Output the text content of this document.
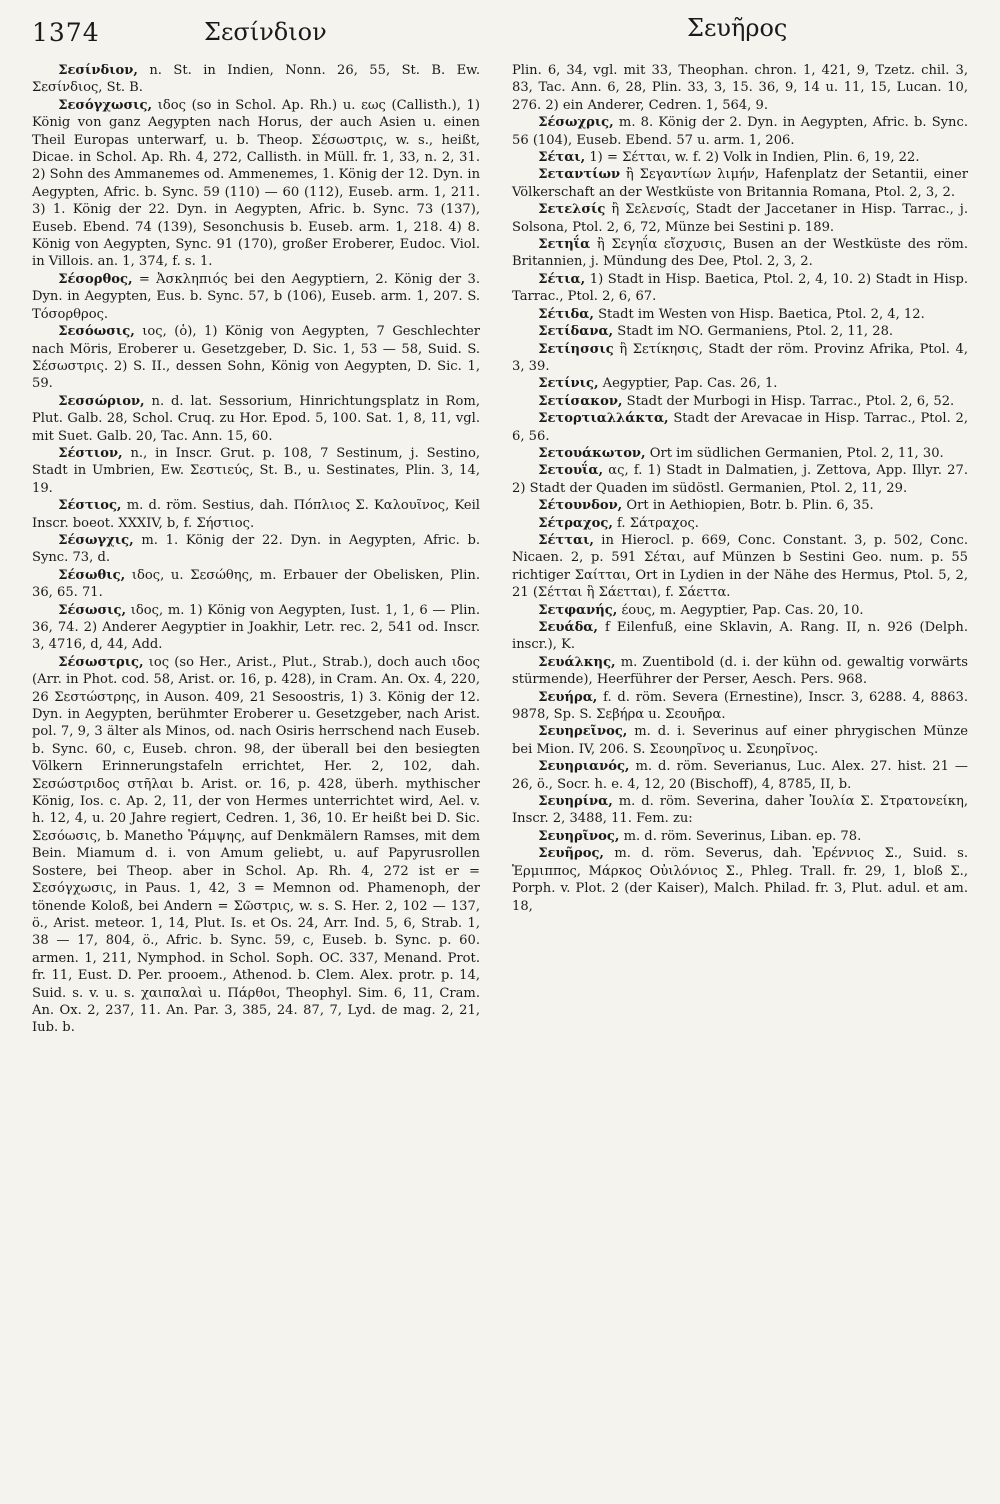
1374	Σεσίνδιον	Σευῆρος

Σεσίνδιον, n. St. in Indien, Nonn. 26, 55, St. B. Ew. Σεσίνδιος, St. B.

Σεσόγχωσις, ιδος (so in Schol. Ap. Rh.) u. εως (Callisth.), 1) König von ganz Aegypten nach Horus, der auch Asien u. einen Theil Europas unterwarf, u. b. Theop. Σέσωστρις, w. s., heißt, Dicae. in Schol. Ap. Rh. 4, 272, Callisth. in Müll. fr. 1, 33, n. 2, 31. 2) Sohn des Ammanemes od. Ammenemes, 1. König der 12. Dyn. in Aegypten, Afric. b. Sync. 59 (110) — 60 (112), Euseb. arm. 1, 211. 3) 1. König der 22. Dyn. in Aegypten, Afric. b. Sync. 73 (137), Euseb. Ebend. 74 (139), Sesonchusis b. Euseb. arm. 1, 218. 4) 8. König von Aegypten, Sync. 91 (170), großer Eroberer, Eudoc. Viol. in Villois. an. 1, 374, f. s. 1.

Σέσορθος, = Ἀσκληπιός bei den Aegyptiern, 2. König der 3. Dyn. in Aegypten, Eus. b. Sync. 57, b (106), Euseb. arm. 1, 207. S. Τόσορθρος.

Σεσόωσις, ιος, (ὁ), 1) König von Aegypten, 7 Geschlechter nach Möris, Eroberer u. Gesetzgeber, D. Sic. 1, 53 — 58, Suid. S. Σέσωστρις. 2) S. II., dessen Sohn, König von Aegypten, D. Sic. 1, 59.

Σεσσώριον, n. d. lat. Sessorium, Hinrichtungsplatz in Rom, Plut. Galb. 28, Schol. Cruq. zu Hor. Epod. 5, 100. Sat. 1, 8, 11, vgl. mit Suet. Galb. 20, Tac. Ann. 15, 60.

Σέστιον, n., in Inscr. Grut. p. 108, 7 Sestinum, j. Sestino, Stadt in Umbrien, Ew. Σεστιεύς, St. B., u. Sestinates, Plin. 3, 14, 19.

Σέστιος, m. d. röm. Sestius, dah. Πόπλιος Σ. Καλουῖνος, Keil Inscr. boeot. XXXIV, b, f. Σήστιος.

Σέσωγχις, m. 1. König der 22. Dyn. in Aegypten, Afric. b. Sync. 73, d.

Σέσωθις, ιδος, u. Σεσώθης, m. Erbauer der Obelisken, Plin. 36, 65. 71.

Σέσωσις, ιδος, m. 1) König von Aegypten, Iust. 1, 1, 6 — Plin. 36, 74. 2) Anderer Aegyptier in Joakhir, Letr. rec. 2, 541 od. Inscr. 3, 4716, d, 44, Add.

Σέσωστρις, ιος (so Her., Arist., Plut., Strab.), doch auch ιδος (Arr. in Phot. cod. 58, Arist. or. 16, p. 428), in Cram. An. Ox. 4, 220, 26 Σεστώστρης, in Auson. 409, 21 Sesoostris, 1) 3. König der 12. Dyn. in Aegypten, berühmter Eroberer u. Gesetzgeber, nach Arist. pol. 7, 9, 3 älter als Minos, od. nach Osiris herrschend nach Euseb. b. Sync. 60, c, Euseb. chron. 98, der überall bei den besiegten Völkern Erinnerungstafeln errichtet, Her. 2, 102, dah. Σεσώστριδος στῆλαι b. Arist. or. 16, p. 428, überh. mythischer König, Ios. c. Ap. 2, 11, der von Hermes unterrichtet wird, Ael. v. h. 12, 4, u. 20 Jahre regiert, Cedren. 1, 36, 10. Er heißt bei D. Sic. Σεσόωσις, b. Manetho Ῥάμψης, auf Denkmälern Ramses, mit dem Bein. Miamum d. i. von Amum geliebt, u. auf Papyrusrollen Sostere, bei Theop. aber in Schol. Ap. Rh. 4, 272 ist er = Σεσόγχωσις, in Paus. 1, 42, 3 = Memnon od. Phamenoph, der tönende Koloß, bei Andern = Σῶστρις, w. s. S. Her. 2, 102 — 137, ö., Arist. meteor. 1, 14, Plut. Is. et Os. 24, Arr. Ind. 5, 6, Strab. 1, 38 — 17, 804, ö., Afric. b. Sync. 59, c, Euseb. b. Sync. p. 60. armen. 1, 211, Nymphod. in Schol. Soph. OC. 337, Menand. Prot. fr. 11, Eust. D. Per. prooem., Athenod. b. Clem. Alex. protr. p. 14, Suid. s. v. u. s. χαιπαλαὶ u. Πάρθοι, Theophyl. Sim. 6, 11, Cram. An. Ox. 2, 237, 11. An. Par. 3, 385, 24. 87, 7, Lyd. de mag. 2, 21, Iub. b.

Plin. 6, 34, vgl. mit 33, Theophan. chron. 1, 421, 9, Tzetz. chil. 3, 83, Tac. Ann. 6, 28, Plin. 33, 3, 15. 36, 9, 14 u. 11, 15, Lucan. 10, 276. 2) ein Anderer, Cedren. 1, 564, 9.

Σέσωχρις, m. 8. König der 2. Dyn. in Aegypten, Afric. b. Sync. 56 (104), Euseb. Ebend. 57 u. arm. 1, 206.

Σέται, 1) = Σέτται, w. f. 2) Volk in Indien, Plin. 6, 19, 22.

Σεταντίων ἢ Σεγαντίων λιμήν, Hafenplatz der Setantii, einer Völkerschaft an der Westküste von Britannia Romana, Ptol. 2, 3, 2.

Σετελσίς ἢ Σελενσίς, Stadt der Jaccetaner in Hisp. Tarrac., j. Solsona, Ptol. 2, 6, 72, Münze bei Sestini p. 189.

Σετηΐα ἢ Σεγηΐα εἴσχυσις, Busen an der Westküste des röm. Britannien, j. Mündung des Dee, Ptol. 2, 3, 2.

Σέτια, 1) Stadt in Hisp. Baetica, Ptol. 2, 4, 10. 2) Stadt in Hisp. Tarrac., Ptol. 2, 6, 67.

Σέτιδα, Stadt im Westen von Hisp. Baetica, Ptol. 2, 4, 12.

Σετίδανα, Stadt im NO. Germaniens, Ptol. 2, 11, 28.

Σετίησσις ἢ Σετίκησις, Stadt der röm. Provinz Afrika, Ptol. 4, 3, 39.

Σετίνις, Aegyptier, Pap. Cas. 26, 1.

Σετίσακον, Stadt der Murbogi in Hisp. Tarrac., Ptol. 2, 6, 52.

Σετορτιαλλάκτα, Stadt der Arevacae in Hisp. Tarrac., Ptol. 2, 6, 56.

Σετουάκωτον, Ort im südlichen Germanien, Ptol. 2, 11, 30.

Σετουΐα, ας, f. 1) Stadt in Dalmatien, j. Zettova, App. Illyr. 27. 2) Stadt der Quaden im südöstl. Germanien, Ptol. 2, 11, 29.

Σέτουνδον, Ort in Aethiopien, Botr. b. Plin. 6, 35.

Σέτραχος, f. Σάτραχος.

Σέτται, in Hierocl. p. 669, Conc. Constant. 3, p. 502, Conc. Nicaen. 2, p. 591 Σέται, auf Münzen b Sestini Geo. num. p. 55 richtiger Σαίτται, Ort in Lydien in der Nähe des Hermus, Ptol. 5, 2, 21 (Σέτται ἢ Σάετται), f. Σάεττα.

Σετφανής, έους, m. Aegyptier, Pap. Cas. 20, 10.

Σευάδα, f Eilenfuß, eine Sklavin, A. Rang. II, n. 926 (Delph. inscr.), K.

Σευάλκης, m. Zuentibold (d. i. der kühn od. gewaltig vorwärts stürmende), Heerführer der Perser, Aesch. Pers. 968.

Σευήρα, f. d. röm. Severa (Ernestine), Inscr. 3, 6288. 4, 8863. 9878, Sp. S. Σεβήρα u. Σεουῆρα.

Σευηρεῖνος, m. d. i. Severinus auf einer phrygischen Münze bei Mion. IV, 206. S. Σεουηρῖνος u. Σευηρῖνος.

Σευηριανός, m. d. röm. Severianus, Luc. Alex. 27. hist. 21 — 26, ö., Socr. h. e. 4, 12, 20 (Bischoff), 4, 8785, II, b.

Σευηρίνα, m. d. röm. Severina, daher Ἰουλία Σ. Στρατονείκη, Inscr. 2, 3488, 11. Fem. zu:

Σευηρῖνος, m. d. röm. Severinus, Liban. ep. 78.

Σευῆρος, m. d. röm. Severus, dah. Ἐρέννιος Σ., Suid. s. Ἑρμιππος, Μάρκος Οὐιλόνιος Σ., Phleg. Trall. fr. 29, 1, bloß Σ., Porph. v. Plot. 2 (der Kaiser), Malch. Philad. fr. 3, Plut. adul. et am. 18,
